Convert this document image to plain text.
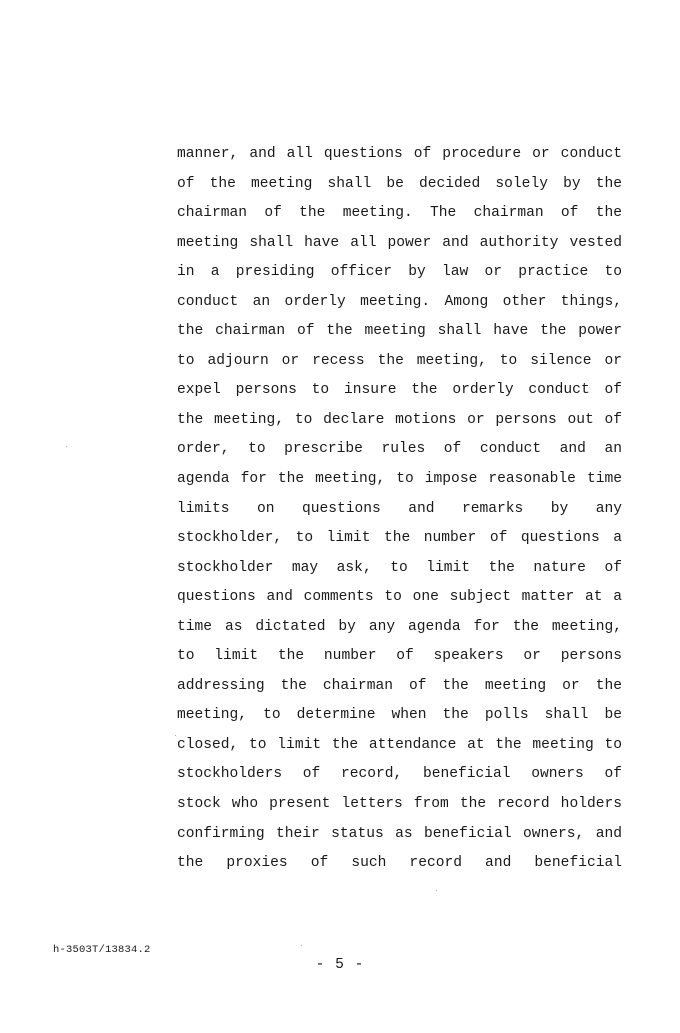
manner, and all questions of procedure or conduct
of the meeting shall be decided solely by the
chairman of the meeting. The chairman of the
meeting shall have all power and authority vested
in a presiding officer by law or practice to
conduct an orderly meeting. Among other things,
the chairman of the meeting shall have the power
to adjourn or recess the meeting, to silence or
expel persons to insure the orderly conduct of
the meeting, to declare motions or persons out of
order, to prescribe rules of conduct and an
agenda for the meeting, to impose reasonable time
limits on questions and remarks by any
stockholder, to limit the number of questions a
stockholder may ask, to limit the nature of
questions and comments to one subject matter at a
time as dictated by any agenda for the meeting,
to limit the number of speakers or persons
addressing the chairman of the meeting or the
meeting, to determine when the polls shall be
closed, to limit the attendance at the meeting to
stockholders of record, beneficial owners of
stock who present letters from the record holders
confirming their status as beneficial owners, and
the proxies of such record and beneficial
h-3503T/13834.2
- 5 -
